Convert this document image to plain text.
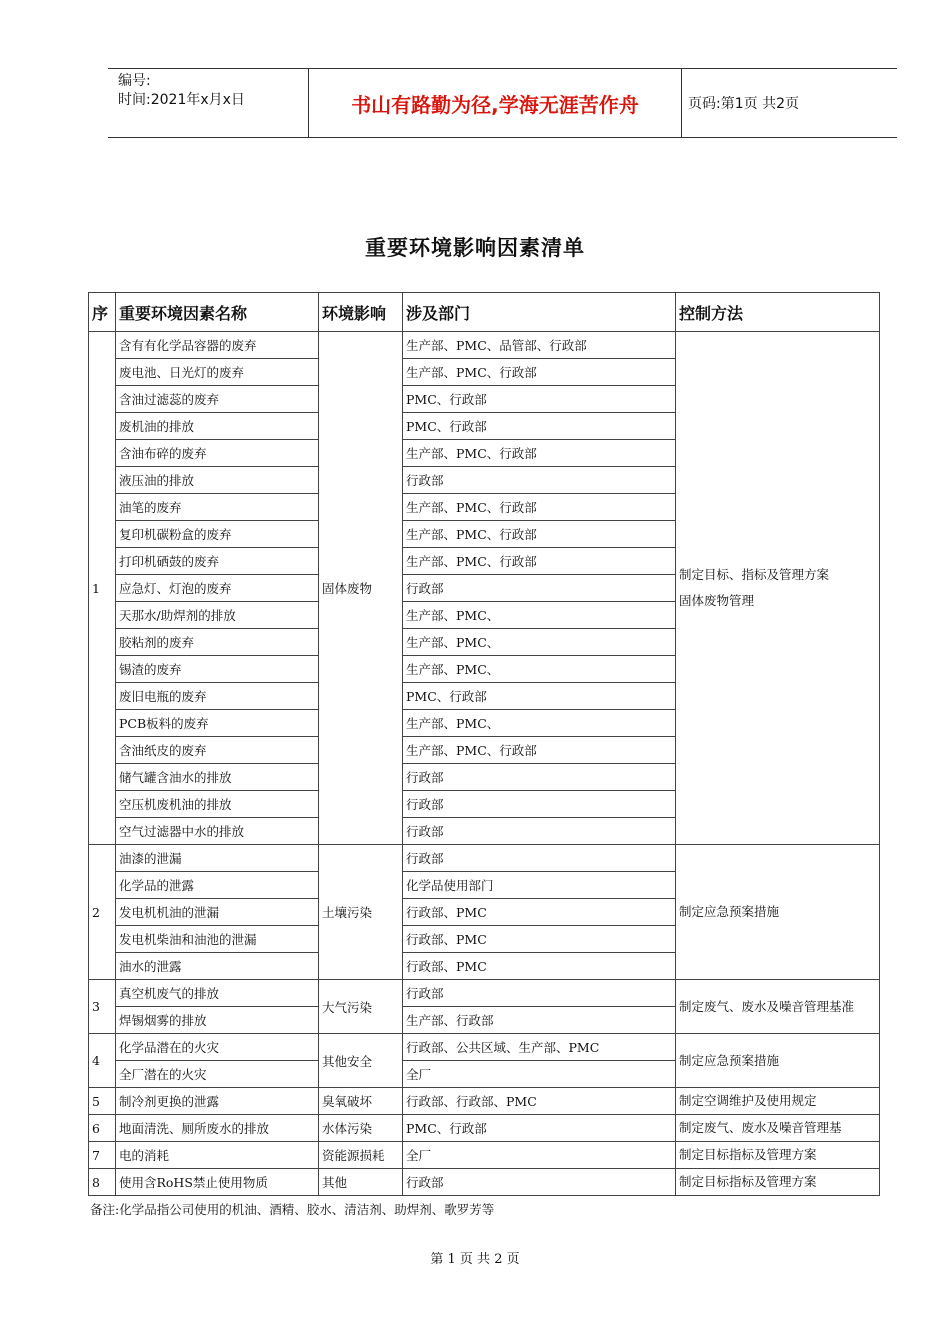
编号:
时间:2021年x月x日	书山有路勤为径,学海无涯苦作舟	页码:第1页 共2页
重要环境影响因素清单
序	重要环境因素名称	环境影响	涉及部门	控制方法
1	含有有化学品容器的废弃	固体废物	生产部、PMC、品管部、行政部	制定目标、指标及管理方案
固体废物管理

	废电池、日光灯的废弃		生产部、PMC、行政部	
	含油过滤蕊的废弃		PMC、行政部	
	废机油的排放		PMC、行政部	
	含油布碎的废弃		生产部、PMC、行政部	
	液压油的排放		行政部	
	油笔的废弃		生产部、PMC、行政部	
	复印机碳粉盒的废弃		生产部、PMC、行政部	
	打印机硒鼓的废弃		生产部、PMC、行政部	
	应急灯、灯泡的废弃		行政部	
	天那水/助焊剂的排放		生产部、PMC、	
	胶粘剂的废弃		生产部、PMC、	
	锡渣的废弃		生产部、PMC、	
	废旧电瓶的废弃		PMC、行政部	
	PCB板料的废弃		生产部、PMC、	
	含油纸皮的废弃		生产部、PMC、行政部	
	储气罐含油水的排放		行政部	
	空压机废机油的排放		行政部	
	空气过滤器中水的排放		行政部	
2	油漆的泄漏	土壤污染	行政部	制定应急预案措施

	化学品的泄露		化学品使用部门	
	发电机机油的泄漏		行政部、PMC	
	发电机柴油和油池的泄漏		行政部、PMC	
	油水的泄露		行政部、PMC	
3	真空机废气的排放	大气污染	行政部	制定废气、废水及噪音管理基准

	焊锡烟雾的排放		生产部、行政部	
4	化学品潜在的火灾	其他安全	行政部、公共区域、生产部、PMC	制定应急预案措施

	全厂潜在的火灾		全厂	
5	制冷剂更换的泄露	臭氧破坏	行政部、行政部、PMC	制定空调维护及使用规定

6	地面清洗、厕所废水的排放	水体污染	PMC、行政部	制定废气、废水及噪音管理基

7	电的消耗	资能源损耗	全厂	制定目标指标及管理方案

8	使用含RoHS禁止使用物质	其他	行政部	制定目标指标及管理方案
备注:化学品指公司使用的机油、酒精、胶水、清洁剂、助焊剂、歌罗芳等
第 1 页 共 2 页
